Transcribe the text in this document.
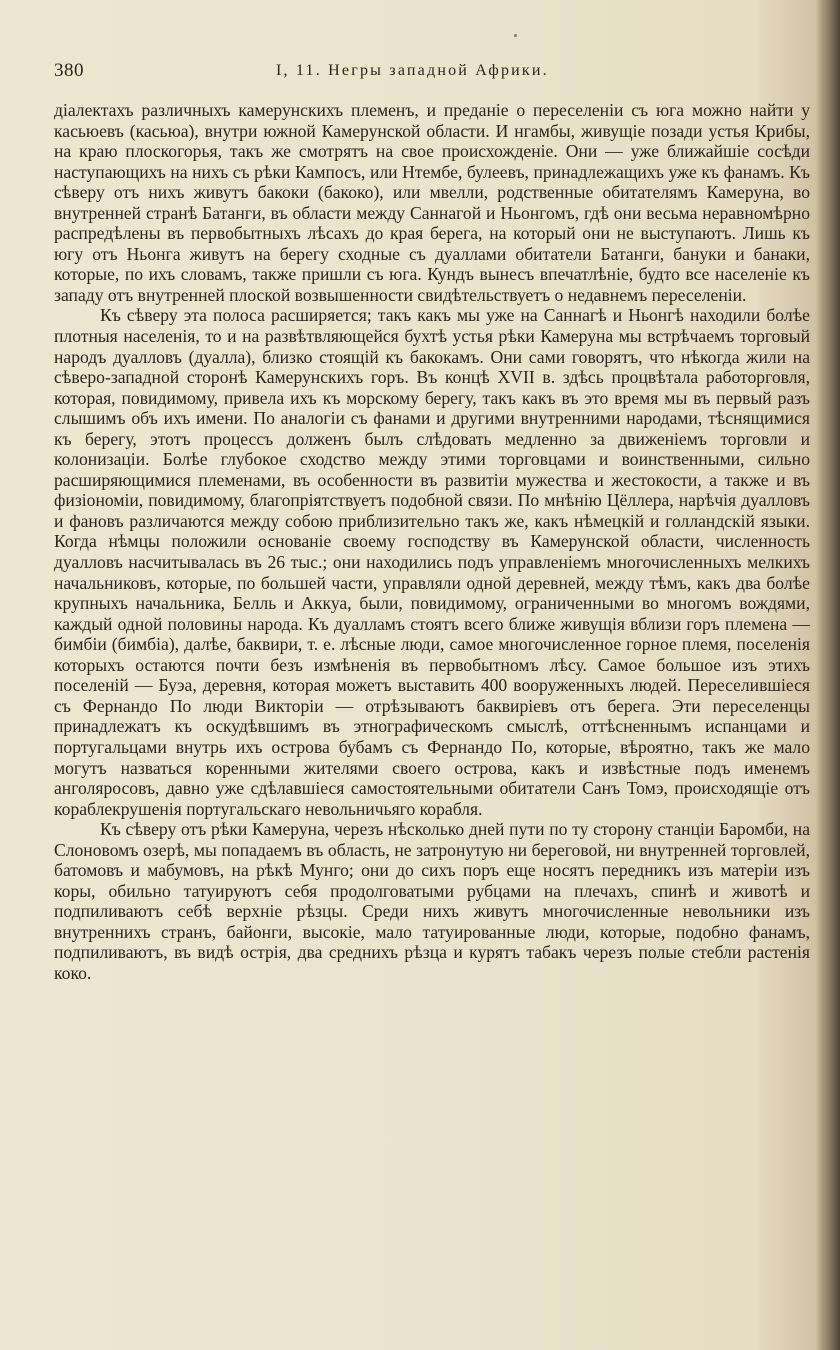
380	I, 11. Негры западной Африки.

діалектахъ различныхъ камерунскихъ племенъ, и преданіе о переселеніи съ юга можно найти у касьюевъ (касьюа), внутри южной Камерунской области. И нгамбы, живущіе позади устья Крибы, на краю плоскогорья, такъ же смотрятъ на свое происхожденіе. Они — уже ближайшіе сосѣди наступающихъ на нихъ съ рѣки Кампосъ, или Нтембе, булеевъ, принадлежащихъ уже къ фанамъ. Къ сѣверу отъ нихъ живутъ бакоки (бакоко), или мвелли, родственные обитателямъ Камеруна, во внутренней странѣ Батанги, въ области между Саннагой и Ньонгомъ, гдѣ они весьма неравномѣрно распредѣлены въ первобытныхъ лѣсахъ до края берега, на который они не выступаютъ. Лишь къ югу отъ Ньонга живутъ на берегу сходные съ дуаллами обитатели Батанги, бануки и банаки, которые, по ихъ словамъ, также пришли съ юга. Кундъ вынесъ впечатлѣніе, будто все населеніе къ западу отъ внутренней плоской возвышенности свидѣтельствуетъ о недавнемъ переселеніи.

Къ сѣверу эта полоса расширяется; такъ какъ мы уже на Саннагѣ и Ньонгѣ находили болѣе плотныя населенія, то и на развѣтвляющейся бухтѣ устья рѣки Камеруна мы встрѣчаемъ торговый народъ дуалловъ (дуалла), близко стоящій къ бакокамъ. Они сами говорятъ, что нѣкогда жили на сѣверо-западной сторонѣ Камерунскихъ горъ. Въ концѣ XVII в. здѣсь процвѣтала работорговля, которая, повидимому, привела ихъ къ морскому берегу, такъ какъ въ это время мы въ первый разъ слышимъ объ ихъ имени. По аналогіи съ фанами и другими внутренними народами, тѣснящимися къ берегу, этотъ процессъ долженъ былъ слѣдовать медленно за движеніемъ торговли и колонизаціи. Болѣе глубокое сходство между этими торговцами и воинственными, сильно расширяющимися племенами, въ особенности въ развитіи мужества и жестокости, а также и въ физіономіи, повидимому, благопріятствуетъ подобной связи. По мнѣнію Цёллера, нарѣчія дуалловъ и фановъ различаются между собою приблизительно такъ же, какъ нѣмецкій и голландскій языки. Когда нѣмцы положили основаніе своему господству въ Камерунской области, численность дуалловъ насчитывалась въ 26 тыс.; они находились подъ управленіемъ многочисленныхъ мелкихъ начальниковъ, которые, по большей части, управляли одной деревней, между тѣмъ, какъ два болѣе крупныхъ начальника, Белль и Аккуа, были, повидимому, ограниченными во многомъ вождями, каждый одной половины народа. Къ дуалламъ стоятъ всего ближе живущія вблизи горъ племена — бимбіи (бимбіа), далѣе, баквири, т. е. лѣсные люди, самое многочисленное горное племя, поселенія которыхъ остаются почти безъ измѣненія въ первобытномъ лѣсу. Самое большое изъ этихъ поселеній — Буэа, деревня, которая можетъ выставить 400 вооруженныхъ людей. Переселившіеся съ Фернандо По люди Викторіи — отрѣзываютъ баквиріевъ отъ берега. Эти переселенцы принадлежатъ къ оскудѣвшимъ въ этнографическомъ смыслѣ, оттѣсненнымъ испанцами и португальцами внутрь ихъ острова бубамъ съ Фернандо По, которые, вѣроятно, такъ же мало могутъ назваться коренными жителями своего острова, какъ и извѣстные подъ именемъ анголяросовъ, давно уже сдѣлавшіеся самостоятельными обитатели Санъ Томэ, происходящіе отъ кораблекрушенія португальскаго невольничьяго корабля.

Къ сѣверу отъ рѣки Камеруна, черезъ нѣсколько дней пути по ту сторону станціи Баромби, на Слоновомъ озерѣ, мы попадаемъ въ область, не затронутую ни береговой, ни внутренней торговлей, батомовъ и мабумовъ, на рѣкѣ Мунго; они до сихъ поръ еще носятъ передникъ изъ матеріи изъ коры, обильно татуируютъ себя продолговатыми рубцами на плечахъ, спинѣ и животѣ и подпиливаютъ себѣ верхніе рѣзцы. Среди нихъ живутъ многочисленные невольники изъ внутреннихъ странъ, байонги, высокіе, мало татуированные люди, которые, подобно фанамъ, подпиливаютъ, въ видѣ острія, два среднихъ рѣзца и курятъ табакъ черезъ полые стебли растенія коко.
